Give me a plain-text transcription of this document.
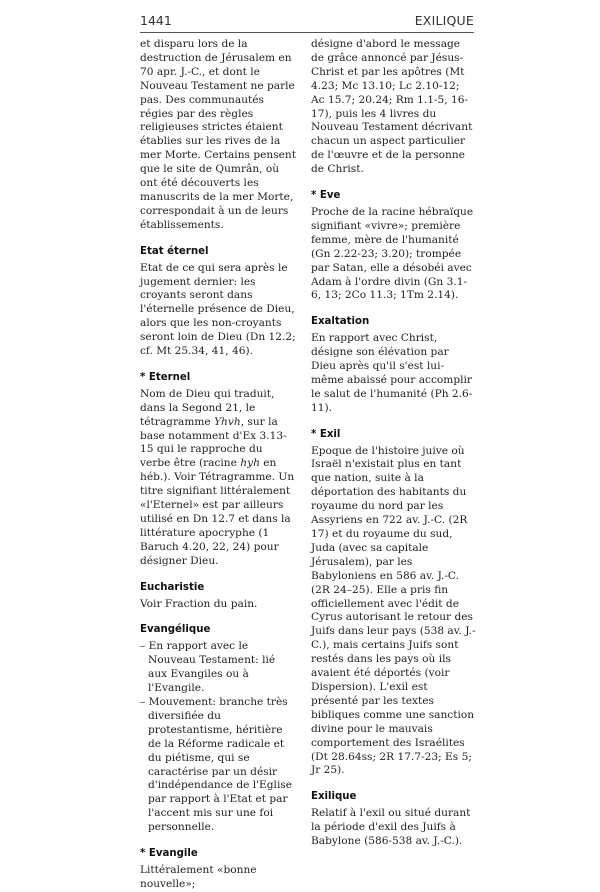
1441	EXILIQUE

et disparu lors de la destruction de Jérusalem en 70 apr. J.-C., et dont le Nouveau Testament ne parle pas. Des communautés régies par des règles religieuses strictes étaient établies sur les rives de la mer Morte. Certains pensent que le site de Qumrân, où ont été découverts les manuscrits de la mer Morte, correspondait à un de leurs établissements.

Etat éternel
Etat de ce qui sera après le jugement dernier: les croyants seront dans l'éternelle présence de Dieu, alors que les non-croyants seront loin de Dieu (Dn 12.2; cf. Mt 25.34, 41, 46).
* Eternel
Nom de Dieu qui traduit, dans la Segond 21, le tétragramme Yhvh, sur la base notamment d'Ex 3.13-15 qui le rapproche du verbe être (racine hyh en héb.). Voir Tétragramme. Un titre signifiant littéralement «l'Eternel» est par ailleurs utilisé en Dn 12.7 et dans la littérature apocryphe (1 Baruch 4.20, 22, 24) pour désigner Dieu.
Eucharistie
Voir Fraction du pain.
Evangélique
– En rapport avec le Nouveau Testament: lié aux Evangiles ou à l'Evangile.
– Mouvement: branche très diversifiée du protestantisme, héritière de la Réforme radicale et du piétisme, qui se caractérise par un désir d'indépendance de l'Eglise par rapport à l'Etat et par l'accent mis sur une foi personnelle.
* Evangile
Littéralement «bonne nouvelle»;

désigne d'abord le message de grâce annoncé par Jésus-Christ et par les apôtres (Mt 4.23; Mc 13.10; Lc 2.10-12; Ac 15.7; 20.24; Rm 1.1-5, 16-17), puis les 4 livres du Nouveau Testament décrivant chacun un aspect particulier de l'œuvre et de la personne de Christ.

* Eve
Proche de la racine hébraïque signifiant «vivre»; première femme, mère de l'humanité (Gn 2.22-23; 3.20); trompée par Satan, elle a désobéi avec Adam à l'ordre divin (Gn 3.1-6, 13; 2Co 11.3; 1Tm 2.14).
Exaltation
En rapport avec Christ, désigne son élévation par Dieu après qu'il s'est lui-même abaissé pour accomplir le salut de l'humanité (Ph 2.6-11).
* Exil
Epoque de l'histoire juive où Israël n'existait plus en tant que nation, suite à la déportation des habitants du royaume du nord par les Assyriens en 722 av. J.-C. (2R 17) et du royaume du sud, Juda (avec sa capitale Jérusalem), par les Babyloniens en 586 av. J.-C. (2R 24–25). Elle a pris fin officiellement avec l'édit de Cyrus autorisant le retour des Juifs dans leur pays (538 av. J.-C.), mais certains Juifs sont restés dans les pays où ils avaient été déportés (voir Dispersion). L'exil est présenté par les textes bibliques comme une sanction divine pour le mauvais comportement des Israélites (Dt 28.64ss; 2R 17.7-23; Es 5; Jr 25).
Exilique
Relatif à l'exil ou situé durant la période d'exil des Juifs à Babylone (586-538 av. J.-C.).
